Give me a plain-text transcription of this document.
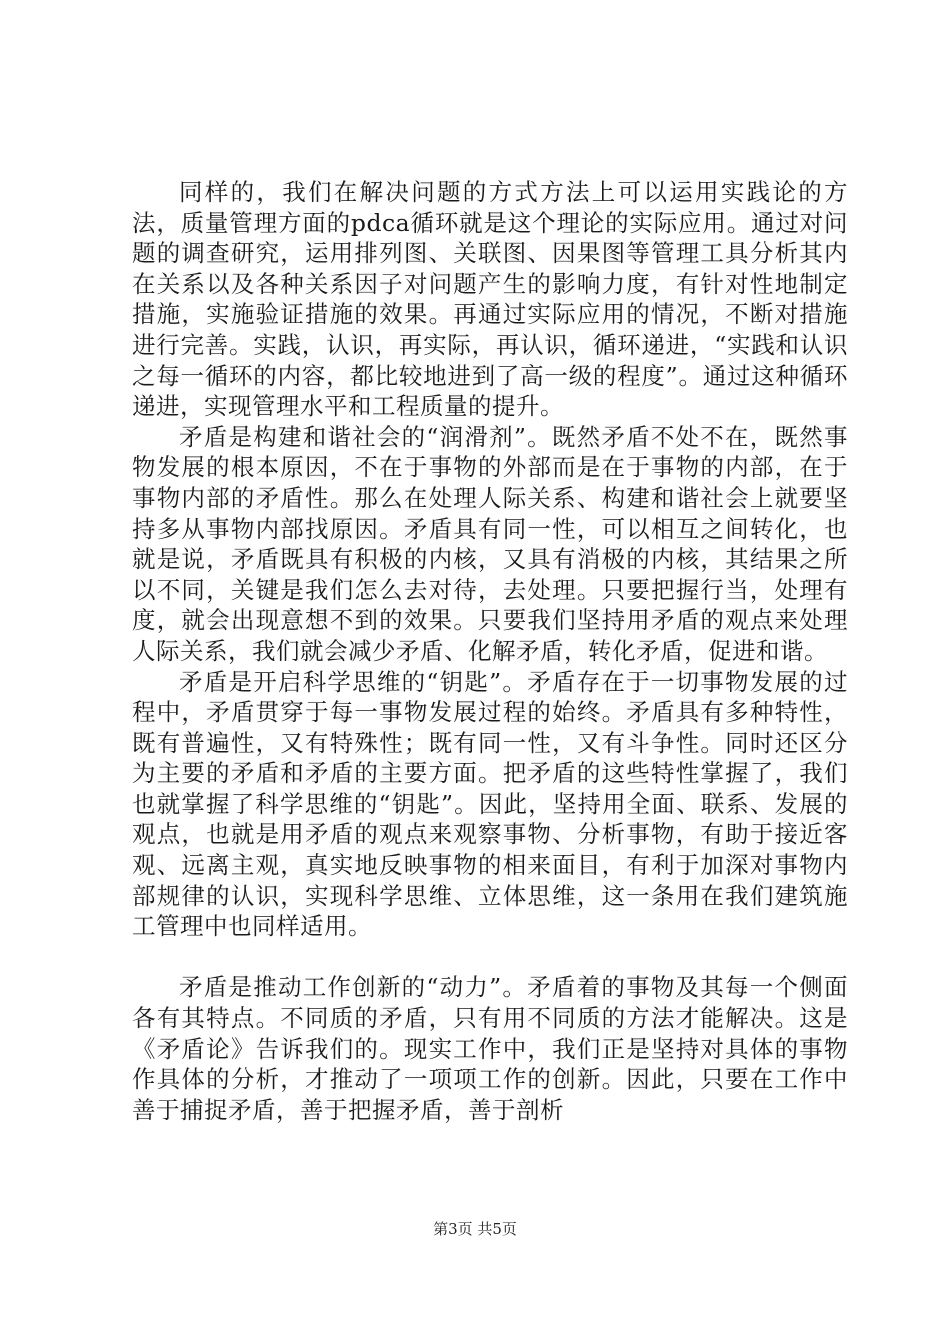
同样的，我们在解决问题的方式方法上可以运用实践论的方法，质量管理方面的pdca循环就是这个理论的实际应用。通过对问题的调查研究，运用排列图、关联图、因果图等管理工具分析其内在关系以及各种关系因子对问题产生的影响力度，有针对性地制定措施，实施验证措施的效果。再通过实际应用的情况，不断对措施进行完善。实践，认识，再实际，再认识，循环递进，“实践和认识之每一循环的内容，都比较地进到了高一级的程度”。通过这种循环递进，实现管理水平和工程质量的提升。

矛盾是构建和谐社会的“润滑剂”。既然矛盾不处不在，既然事物发展的根本原因，不在于事物的外部而是在于事物的内部，在于事物内部的矛盾性。那么在处理人际关系、构建和谐社会上就要坚持多从事物内部找原因。矛盾具有同一性，可以相互之间转化，也就是说，矛盾既具有积极的内核，又具有消极的内核，其结果之所以不同，关键是我们怎么去对待，去处理。只要把握行当，处理有度，就会出现意想不到的效果。只要我们坚持用矛盾的观点来处理人际关系，我们就会减少矛盾、化解矛盾，转化矛盾，促进和谐。

矛盾是开启科学思维的“钥匙”。矛盾存在于一切事物发展的过程中，矛盾贯穿于每一事物发展过程的始终。矛盾具有多种特性，既有普遍性，又有特殊性；既有同一性，又有斗争性。同时还区分为主要的矛盾和矛盾的主要方面。把矛盾的这些特性掌握了，我们也就掌握了科学思维的“钥匙”。因此，坚持用全面、联系、发展的观点，也就是用矛盾的观点来观察事物、分析事物，有助于接近客观、远离主观，真实地反映事物的相来面目，有利于加深对事物内部规律的认识，实现科学思维、立体思维，这一条用在我们建筑施工管理中也同样适用。

矛盾是推动工作创新的“动力”。矛盾着的事物及其每一个侧面各有其特点。不同质的矛盾，只有用不同质的方法才能解决。这是《矛盾论》告诉我们的。现实工作中，我们正是坚持对具体的事物作具体的分析，才推动了一项项工作的创新。因此，只要在工作中善于捕捉矛盾，善于把握矛盾，善于剖析

第3页 共5页
